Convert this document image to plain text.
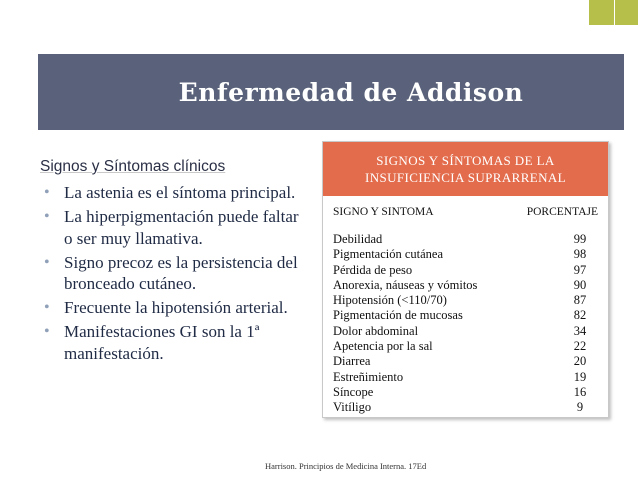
Enfermedad de Addison
Signos y Síntomas clínicos
• La astenia es el síntoma principal.
• La hiperpigmentación puede faltar o ser muy llamativa.
• Signo precoz es la persistencia del bronceado cutáneo.
• Frecuente la hipotensión arterial.
• Manifestaciones GI son la 1ª manifestación.
SIGNOS Y SÍNTOMAS DE LA
INSUFICIENCIA SUPRARRENAL
SIGNO Y SINTOMA	PORCENTAJE
Debilidad	99
Pigmentación cutánea	98
Pérdida de peso	97
Anorexia, náuseas y vómitos	90
Hipotensión (<110/70)	87
Pigmentación de mucosas	82
Dolor abdominal	34
Apetencia por la sal	22
Diarrea	20
Estreñimiento	19
Síncope	16
Vitíligo	9
Harrison. Principios de Medicina Interna. 17Ed
